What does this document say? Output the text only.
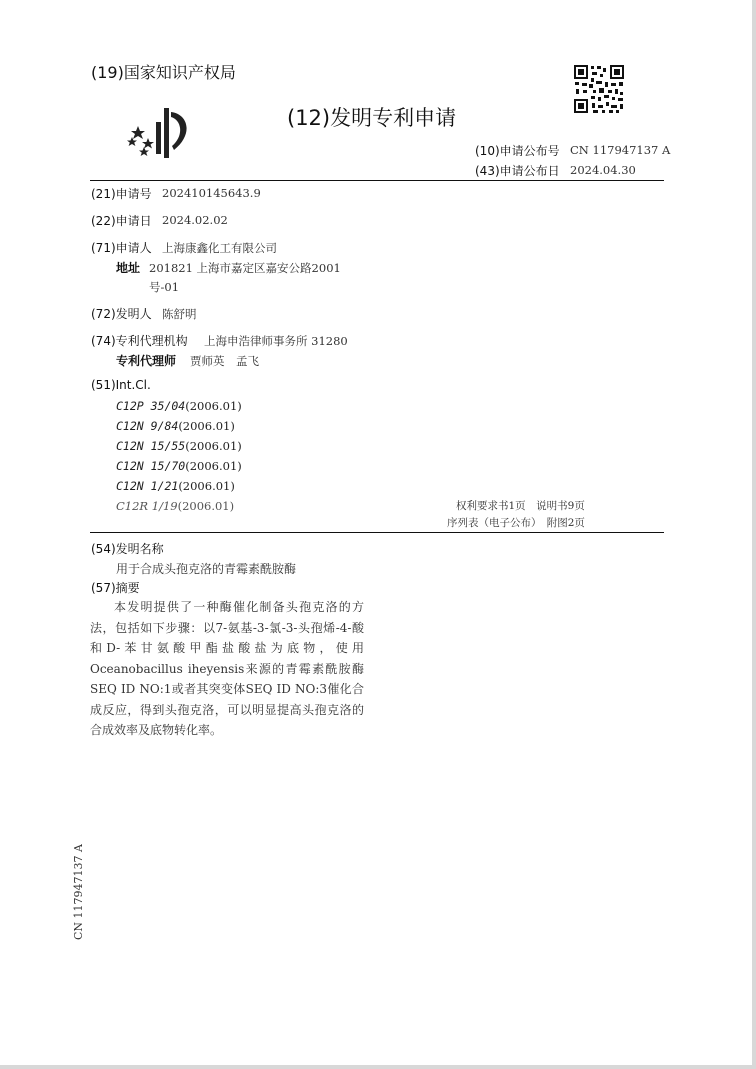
(19)国家知识产权局
(12)发明专利申请
(10)申请公布号 CN 117947137 A
(43)申请公布日 2024.04.30
(21)申请号 202410145643.9
(22)申请日 2024.02.02
(71)申请人 上海康鑫化工有限公司
地址 201821 上海市嘉定区嘉安公路2001
号-01
(72)发明人 陈舒明
(74)专利代理机构 上海申浩律师事务所 31280
专利代理师 贾师英　孟飞
(51)Int.Cl.
C12P 35/04(2006.01)
C12N 9/84(2006.01)
C12N 15/55(2006.01)
C12N 15/70(2006.01)
C12N 1/21(2006.01)
C12R 1/19(2006.01)	权利要求书1页　说明书9页
序列表（电子公布）　附图2页
(54)发明名称
用于合成头孢克洛的青霉素酰胺酶
(57)摘要
本发明提供了一种酶催化制备头孢克洛的方法，包括如下步骤：以7-氨基-3-氯-3-头孢烯-4-酸和D-苯甘氨酸甲酯盐酸盐为底物，使用Oceanobacillus iheyensis来源的青霉素酰胺酶SEQ ID NO:1或者其突变体SEQ ID NO:3催化合成反应，得到头孢克洛，可以明显提高头孢克洛的合成效率及底物转化率。
CN 117947137 A
